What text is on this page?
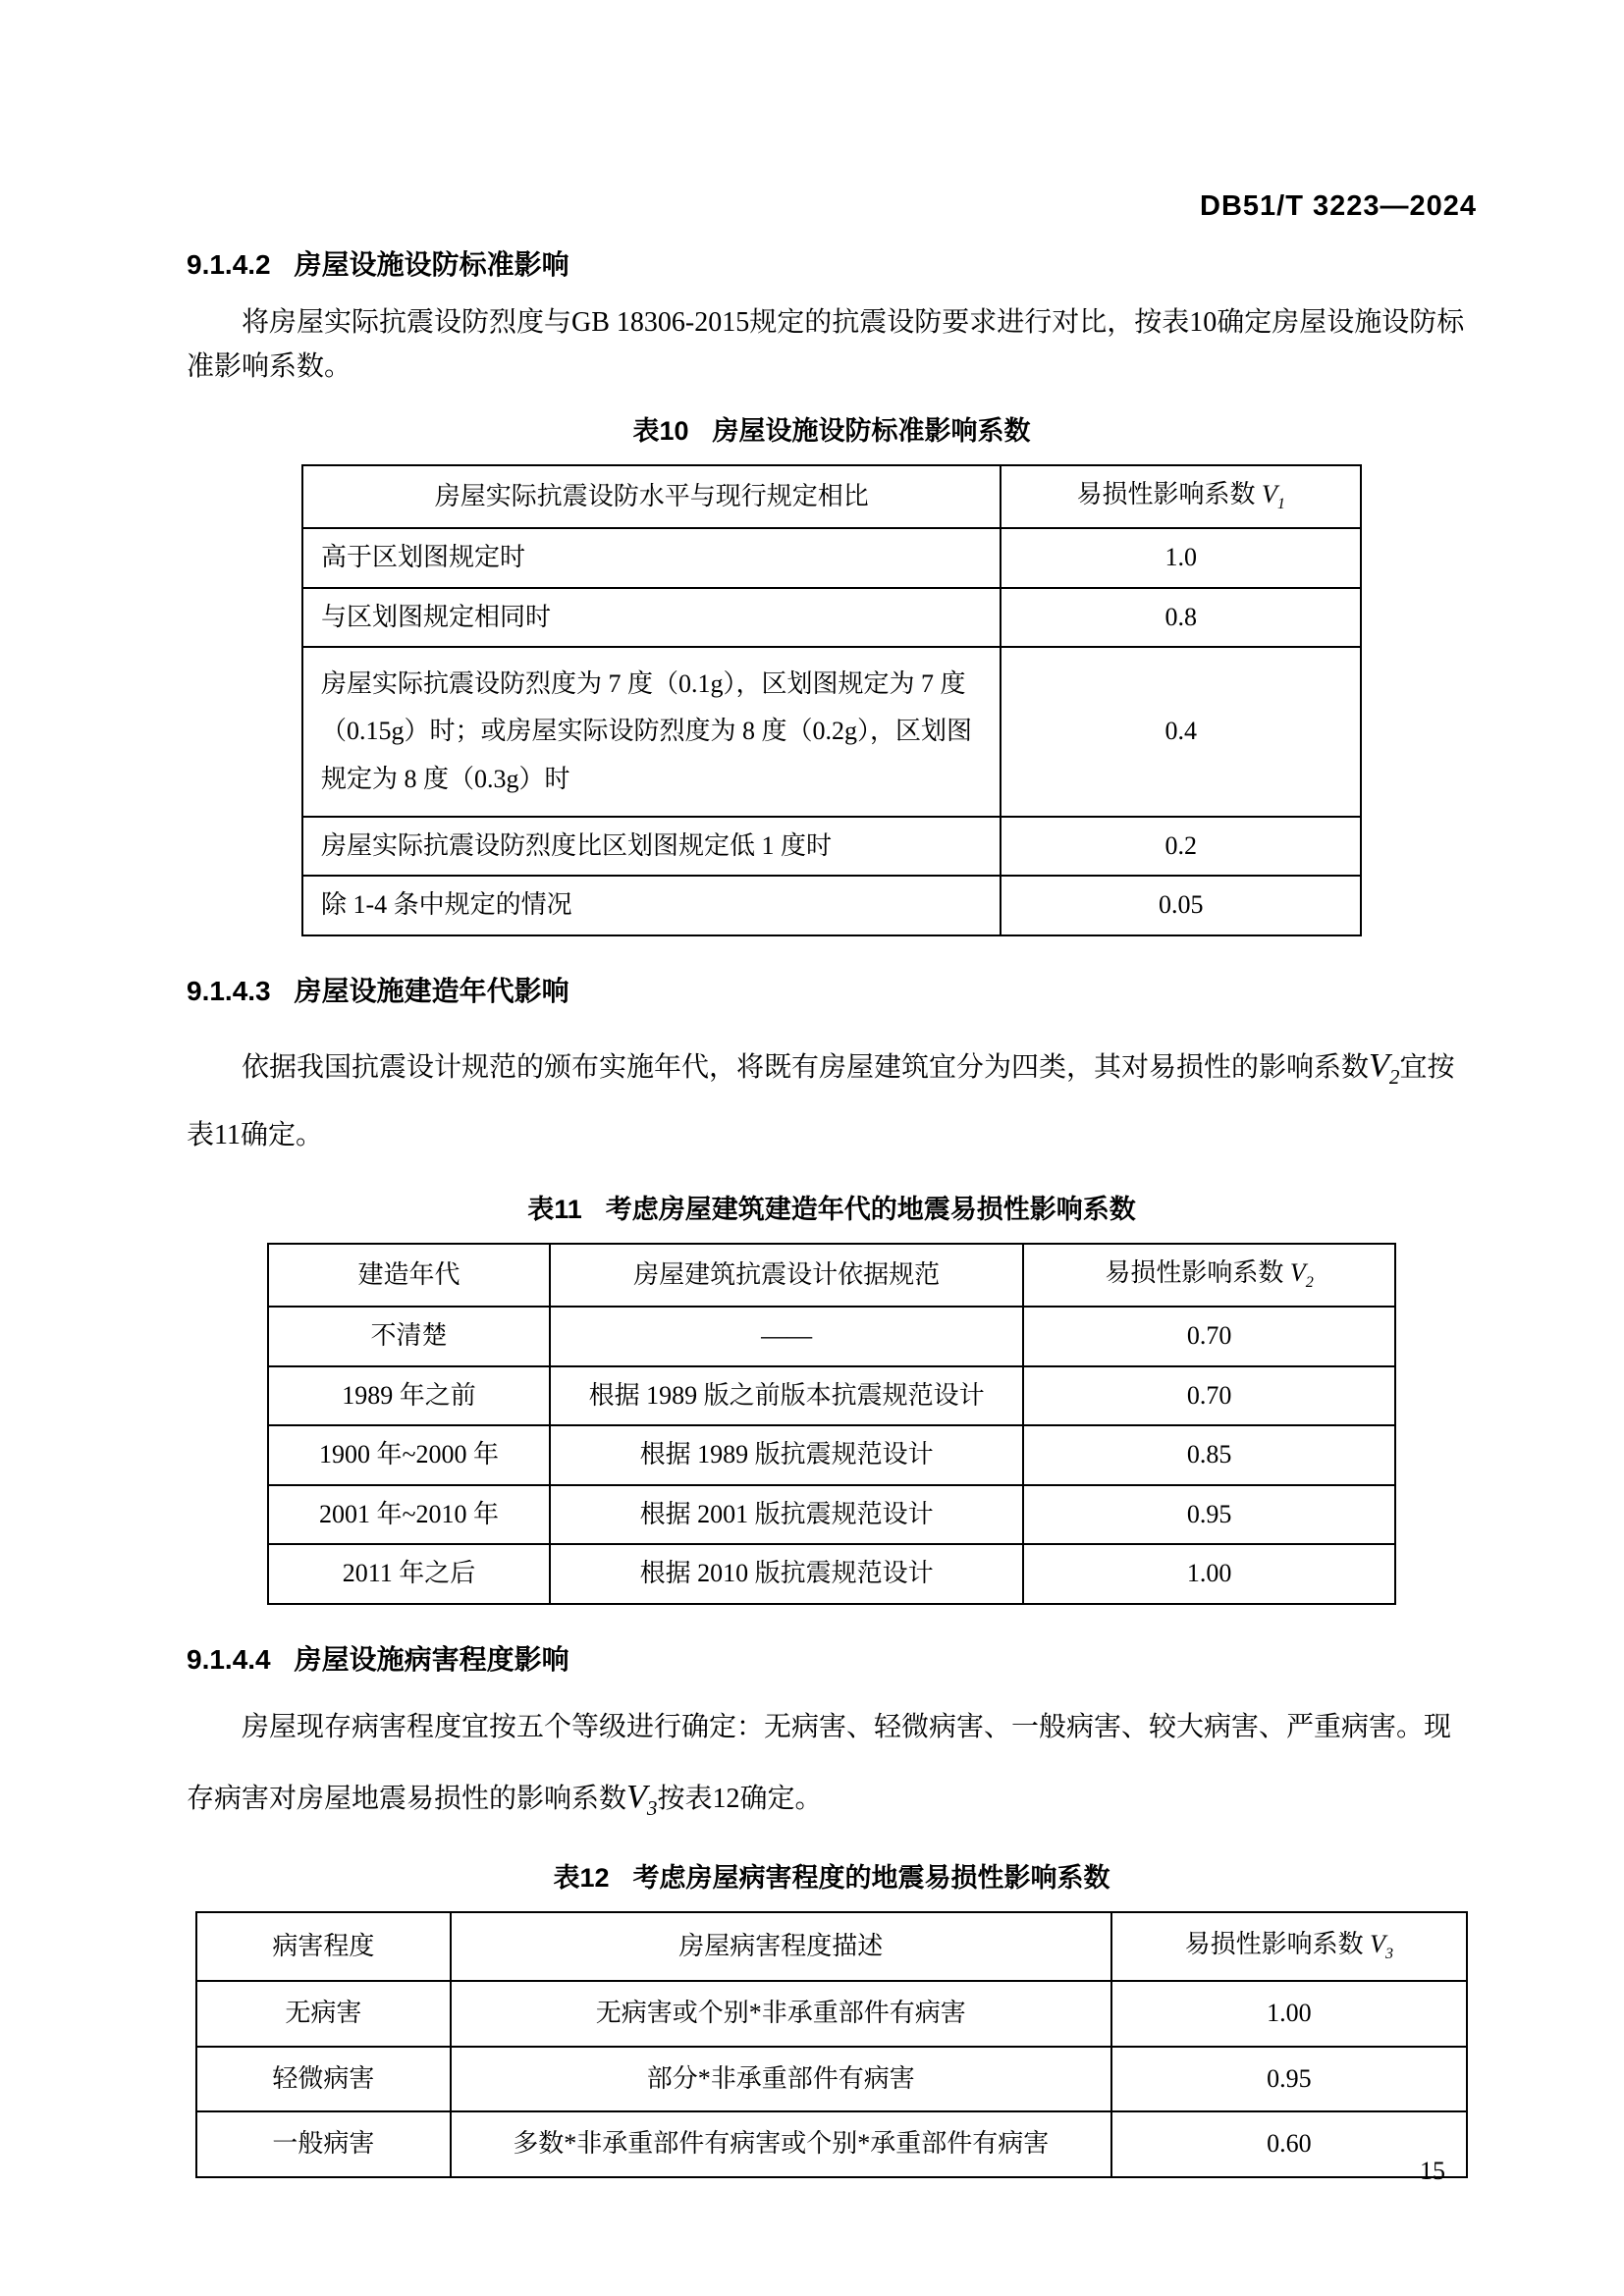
DB51/T 3223—2024
9.1.4.2 房屋设施设防标准影响

将房屋实际抗震设防烈度与GB 18306-2015规定的抗震设防要求进行对比，按表10确定房屋设施设防标准影响系数。

表10 房屋设施设防标准影响系数
房屋实际抗震设防水平与现行规定相比	易损性影响系数 $V_1$
高于区划图规定时	1.0
与区划图规定相同时	0.8
房屋实际抗震设防烈度为 7 度（0.1g），区划图规定为 7 度（0.15g）时；或房屋实际设防烈度为 8 度（0.2g），区划图规定为 8 度（0.3g）时	0.4
房屋实际抗震设防烈度比区划图规定低 1 度时	0.2
除 1-4 条中规定的情况	0.05
9.1.4.3 房屋设施建造年代影响

依据我国抗震设计规范的颁布实施年代，将既有房屋建筑宜分为四类，其对易损性的影响系数$V_2$宜按表11确定。

表11 考虑房屋建筑建造年代的地震易损性影响系数
建造年代	房屋建筑抗震设计依据规范	易损性影响系数 $V_2$
不清楚	——	0.70
1989 年之前	根据 1989 版之前版本抗震规范设计	0.70
1900 年~2000 年	根据 1989 版抗震规范设计	0.85
2001 年~2010 年	根据 2001 版抗震规范设计	0.95
2011 年之后	根据 2010 版抗震规范设计	1.00
9.1.4.4 房屋设施病害程度影响

房屋现存病害程度宜按五个等级进行确定：无病害、轻微病害、一般病害、较大病害、严重病害。现存病害对房屋地震易损性的影响系数$V_3$按表12确定。

表12 考虑房屋病害程度的地震易损性影响系数
病害程度	房屋病害程度描述	易损性影响系数 $V_3$
无病害	无病害或个别*非承重部件有病害	1.00
轻微病害	部分*非承重部件有病害	0.95
一般病害	多数*非承重部件有病害或个别*承重部件有病害	0.60
15
